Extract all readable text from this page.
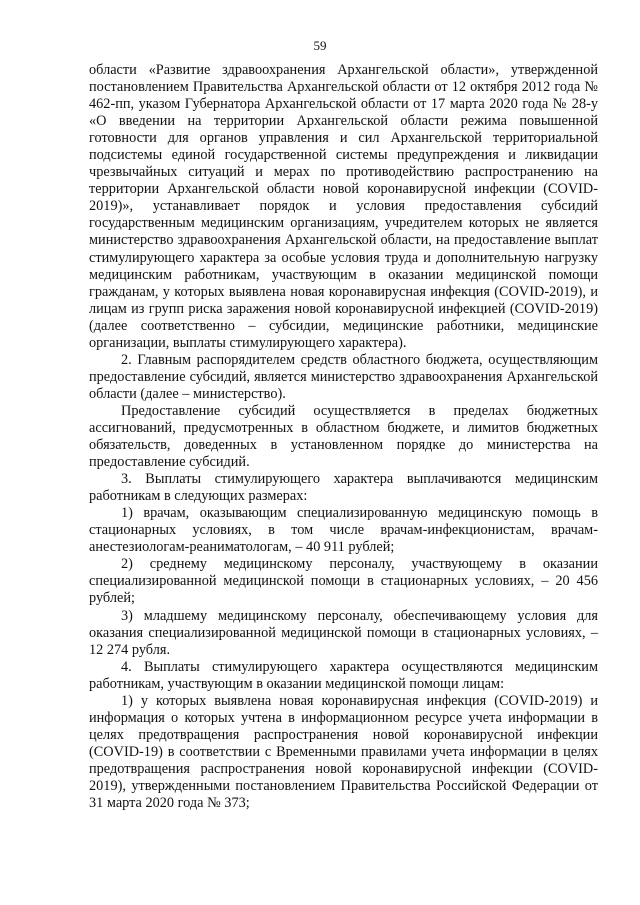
59

области «Развитие здравоохранения Архангельской области», утвержденной постановлением Правительства Архангельской области от 12 октября 2012 года № 462-пп, указом Губернатора Архангельской области от 17 марта 2020 года № 28-у «О введении на территории Архангельской области режима повышенной готовности для органов управления и сил Архангельской территориальной подсистемы единой государственной системы предупреждения и ликвидации чрезвычайных ситуаций и мерах по противодействию распространению на территории Архангельской области новой коронавирусной инфекции (COVID-2019)», устанавливает порядок и условия предоставления субсидий государственным медицинским организациям, учредителем которых не является министерство здравоохранения Архангельской области, на предоставление выплат стимулирующего характера за особые условия труда и дополнительную нагрузку медицинским работникам, участвующим в оказании медицинской помощи гражданам, у которых выявлена новая коронавирусная инфекция (COVID-2019), и лицам из групп риска заражения новой коронавирусной инфекцией (COVID-2019) (далее соответственно – субсидии, медицинские работники, медицинские организации, выплаты стимулирующего характера).

2. Главным распорядителем средств областного бюджета, осуществляющим предоставление субсидий, является министерство здравоохранения Архангельской области (далее – министерство).

Предоставление субсидий осуществляется в пределах бюджетных ассигнований, предусмотренных в областном бюджете, и лимитов бюджетных обязательств, доведенных в установленном порядке до министерства на предоставление субсидий.

3. Выплаты стимулирующего характера выплачиваются медицинским работникам в следующих размерах:

1) врачам, оказывающим специализированную медицинскую помощь в стационарных условиях, в том числе врачам-инфекционистам, врачам-анестезиологам-реаниматологам, – 40 911 рублей;

2) среднему медицинскому персоналу, участвующему в оказании специализированной медицинской помощи в стационарных условиях, – 20 456 рублей;

3) младшему медицинскому персоналу, обеспечивающему условия для оказания специализированной медицинской помощи в стационарных условиях, – 12 274 рубля.

4. Выплаты стимулирующего характера осуществляются медицинским работникам, участвующим в оказании медицинской помощи лицам:

1) у которых выявлена новая коронавирусная инфекция (COVID-2019) и информация о которых учтена в информационном ресурсе учета информации в целях предотвращения распространения новой коронавирусной инфекции (COVID-19) в соответствии с Временными правилами учета информации в целях предотвращения распространения новой коронавирусной инфекции (COVID-2019), утвержденными постановлением Правительства Российской Федерации от 31 марта 2020 года № 373;
